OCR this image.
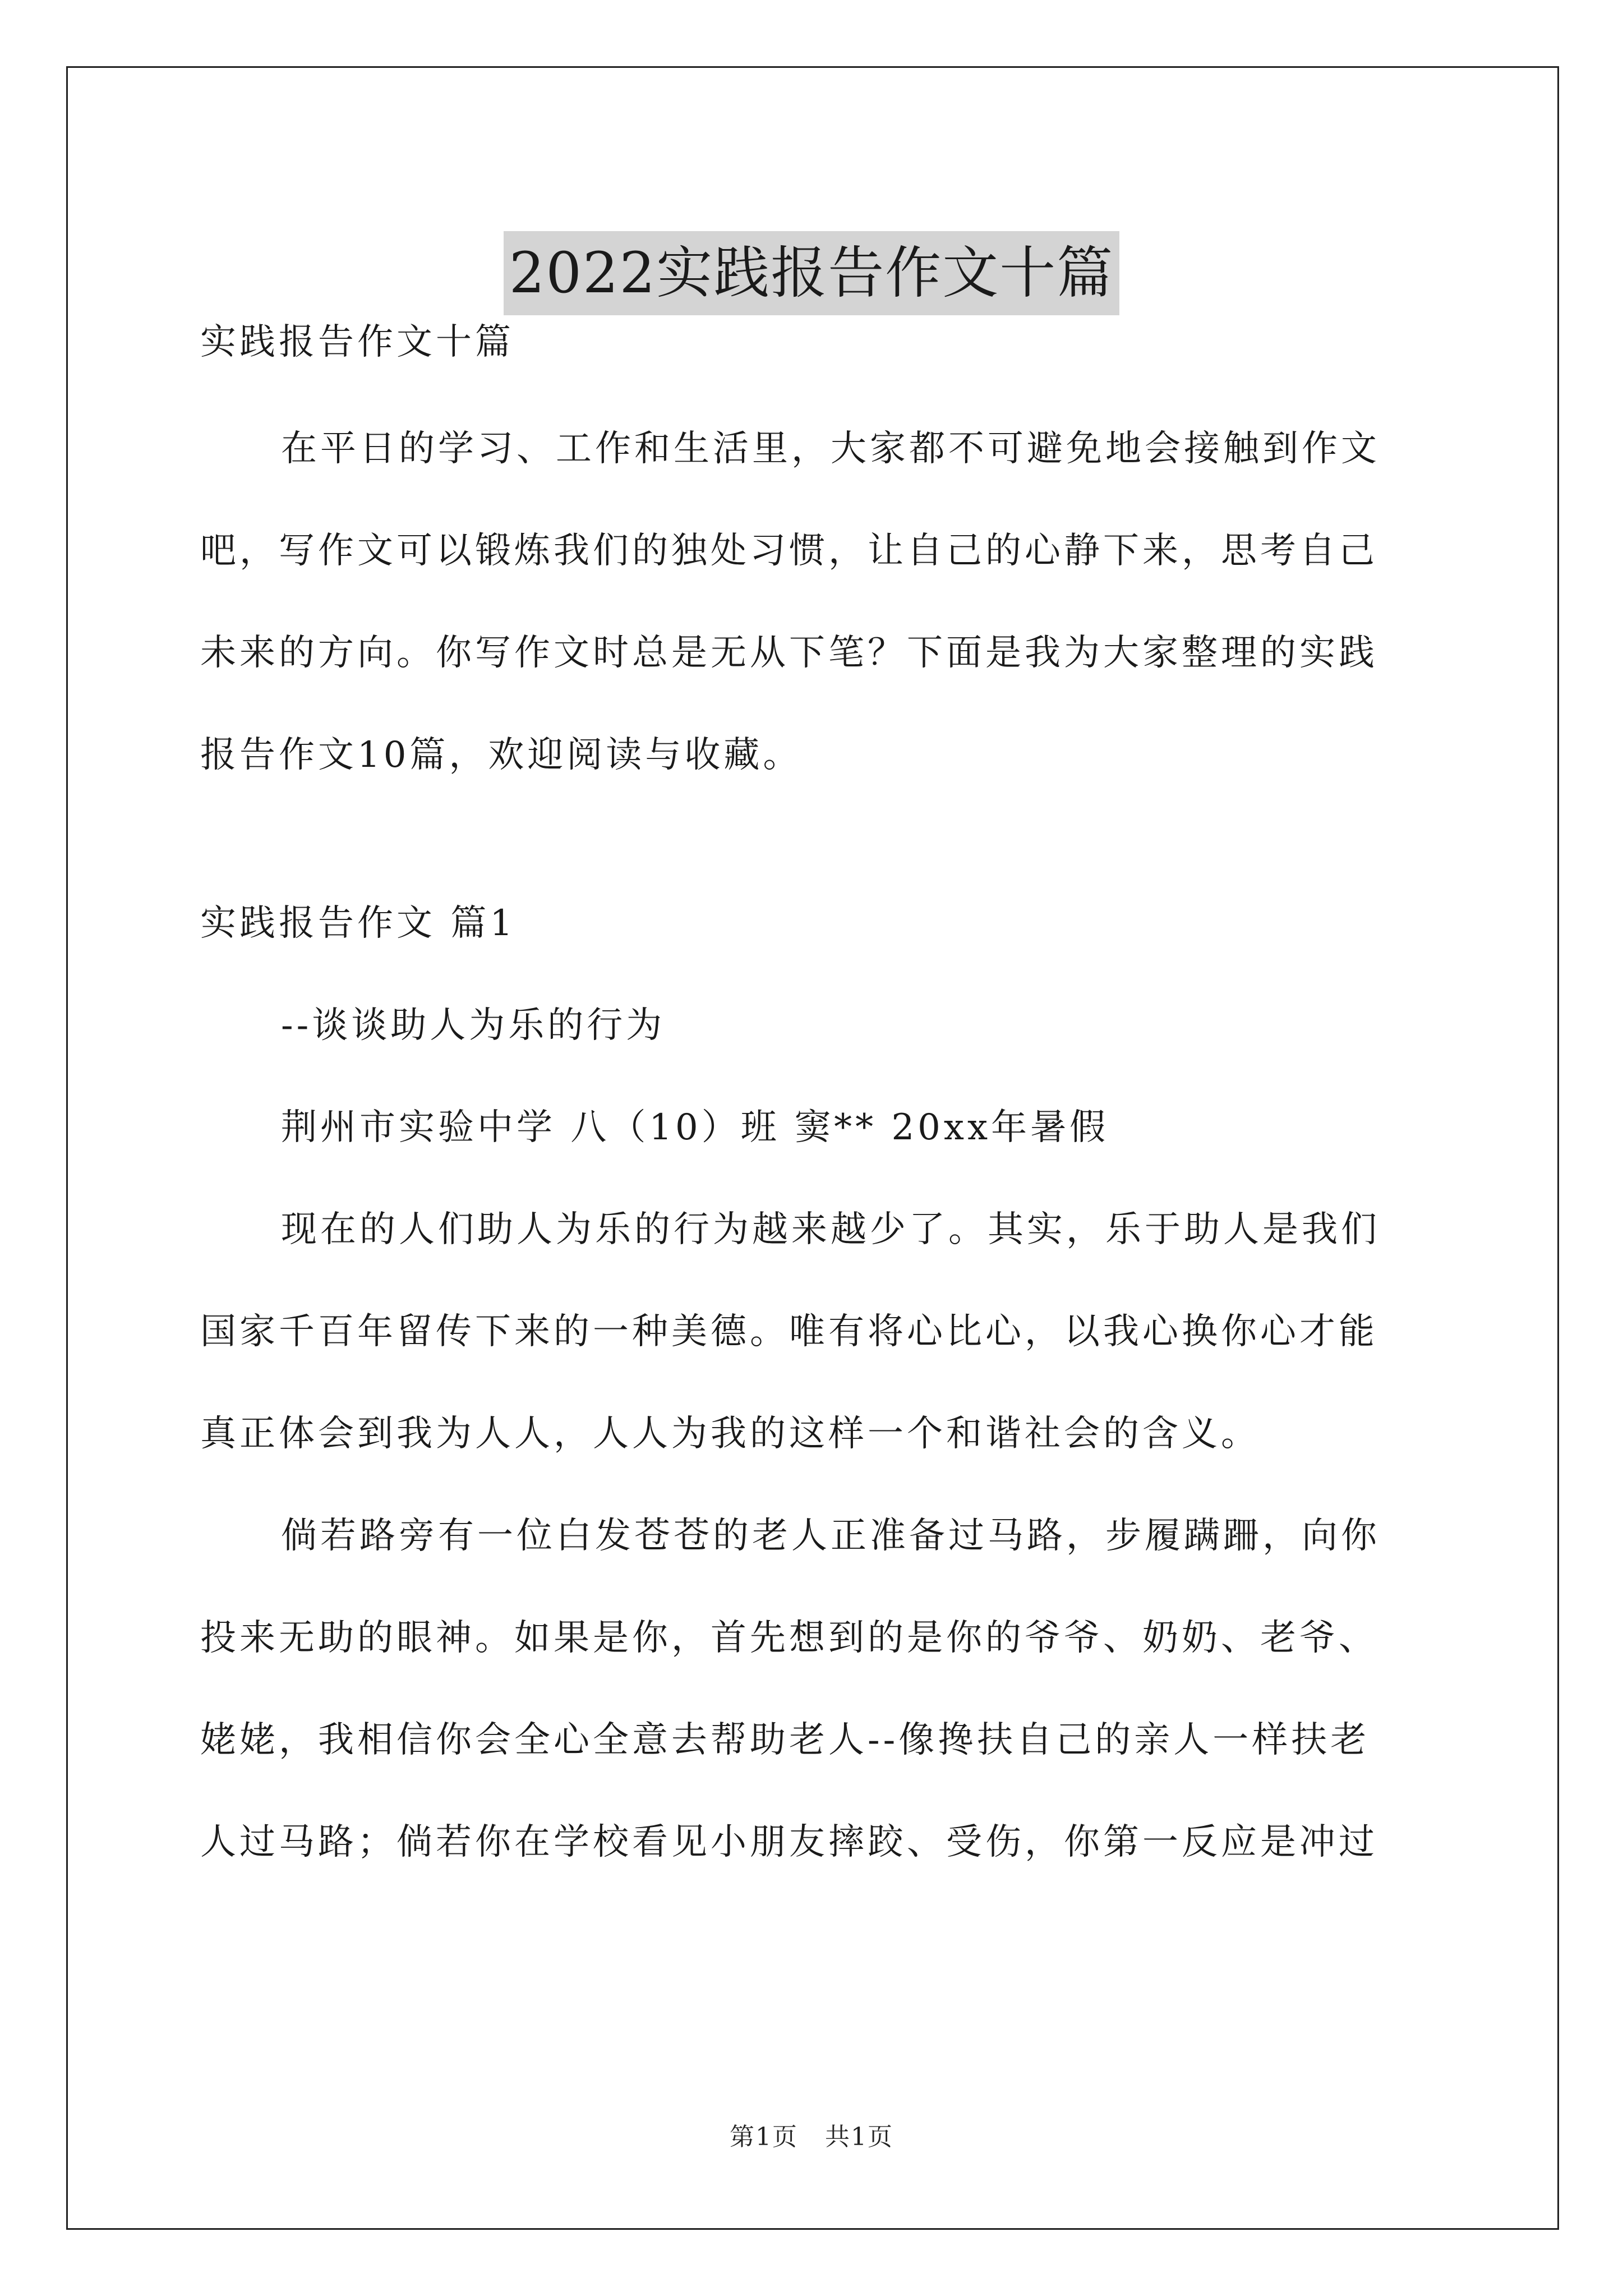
2022实践报告作文十篇
实践报告作文十篇
在平日的学习、工作和生活里，大家都不可避免地会接触到作文
吧，写作文可以锻炼我们的独处习惯，让自己的心静下来，思考自己
未来的方向。你写作文时总是无从下笔？下面是我为大家整理的实践
报告作文10篇，欢迎阅读与收藏。
实践报告作文 篇1
--谈谈助人为乐的行为
荆州市实验中学 八（10）班 窦** 20xx年暑假
现在的人们助人为乐的行为越来越少了。其实，乐于助人是我们
国家千百年留传下来的一种美德。唯有将心比心，以我心换你心才能
真正体会到我为人人，人人为我的这样一个和谐社会的含义。
倘若路旁有一位白发苍苍的老人正准备过马路，步履蹒跚，向你
投来无助的眼神。如果是你，首先想到的是你的爷爷、奶奶、老爷、
姥姥，我相信你会全心全意去帮助老人--像搀扶自己的亲人一样扶老
人过马路；倘若你在学校看见小朋友摔跤、受伤，你第一反应是冲过
第1页 共1页
